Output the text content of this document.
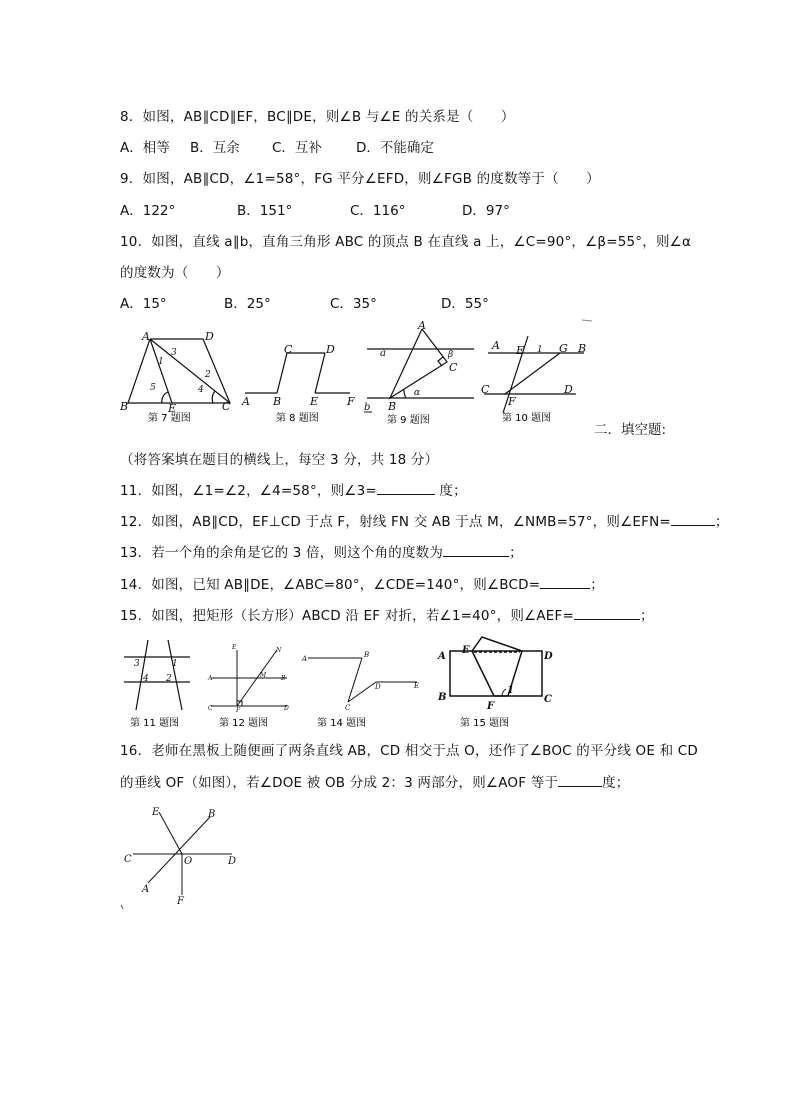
8．如图，AB∥CD∥EF，BC∥DE，则∠B 与∠E 的关系是（　　）
A．相等 B．互余 C．互补	D．不能确定
9．如图，AB∥CD，∠1=58°，FG 平分∠EFD，则∠FGB 的度数等于（　　）
A．122°	B．151°	C．116°	D．97°
10．如图，直线 a∥b，直角三角形 ABC 的顶点 B 在直线 a 上，∠C=90°，∠β=55°，则∠α
的度数为（　　）
A．15°	B．25°	C．35°	D．55°
A	D
B	E	C
1
2
3
4
5
第 7 题图
C	D
A B	E	F
第 8 题图
A
a
b B
C
α
β
第 9 题图
A E 1 G B
C
F
D
第 10 题图
二．填空题:
（将答案填在题目的横线上，每空 3 分，共 18 分）
11．如图，∠1=∠2，∠4=58°，则∠3=	度；
12．如图，AB∥CD，EF⊥CD 于点 F，射线 FN 交 AB 于点 M，∠NMB=57°，则∠EFN=	；
13．若一个角的余角是它的 3 倍，则这个角的度数为	；
14．如图，已知 AB∥DE，∠ABC=80°，∠CDE=140°，则∠BCD=	；
15．如图，把矩形（长方形）ABCD 沿 EF 对折，若∠1=40°，则∠AEF=	；
3	1
4 2
第 11 题图
E	N
A	M B
C	F	D
第 12 题图
A	B
C
D	E
第 14 题图
A
E
D
B
F
C
1
第 15 题图
16．老师在黑板上随便画了两条直线 AB，CD 相交于点 O，还作了∠BOC 的平分线 OE 和 CD
的垂线 OF（如图），若∠DOE 被 OB 分成 2：3 两部分，则∠AOF 等于	度；
E	B
C	O	D
A
F
